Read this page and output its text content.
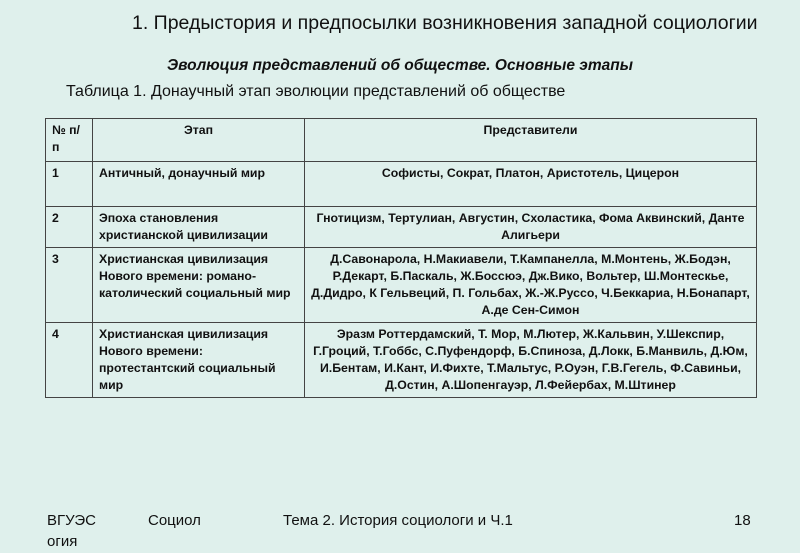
1. Предыстория и предпосылки возникновения западной социологии
Эволюция представлений об обществе. Основные этапы
Таблица 1. Донаучный этап эволюции представлений об обществе
№ п/п	Этап	Представители
1	Античный, донаучный мир	Софисты, Сократ, Платон, Аристотель, Цицерон
2	Эпоха становления христианской цивилизации	Гнотицизм, Тертулиан, Августин, Схоластика, Фома Аквинский, Данте Алигьери
3	Христианская цивилизация Нового времени: романо-католический социальный мир	Д.Савонарола, Н.Макиавели, Т.Кампанелла, М.Монтень, Ж.Бодэн, Р.Декарт, Б.Паскаль, Ж.Боссюэ, Дж.Вико, Вольтер, Ш.Монтескье, Д.Дидро, К Гельвеций, П. Гольбах, Ж.-Ж.Руссо, Ч.Беккариа, Н.Бонапарт, А.де Сен-Симон
4	Христианская цивилизация Нового времени: протестантский социальный мир	Эразм Роттердамский, Т. Мор, М.Лютер, Ж.Кальвин, У.Шекспир, Г.Гроций, Т.Гоббс, С.Пуфендорф, Б.Спиноза, Д.Локк, Б.Манвиль, Д.Юм, И.Бентам, И.Кант, И.Фихте, Т.Мальтус, Р.Оуэн, Г.В.Гегель, Ф.Савиньи, Д.Остин, А.Шопенгауэр, Л.Фейербах, М.Штинер
ВГУЭС огия
Социол	Тема 2. История социологи и Ч.1	18
